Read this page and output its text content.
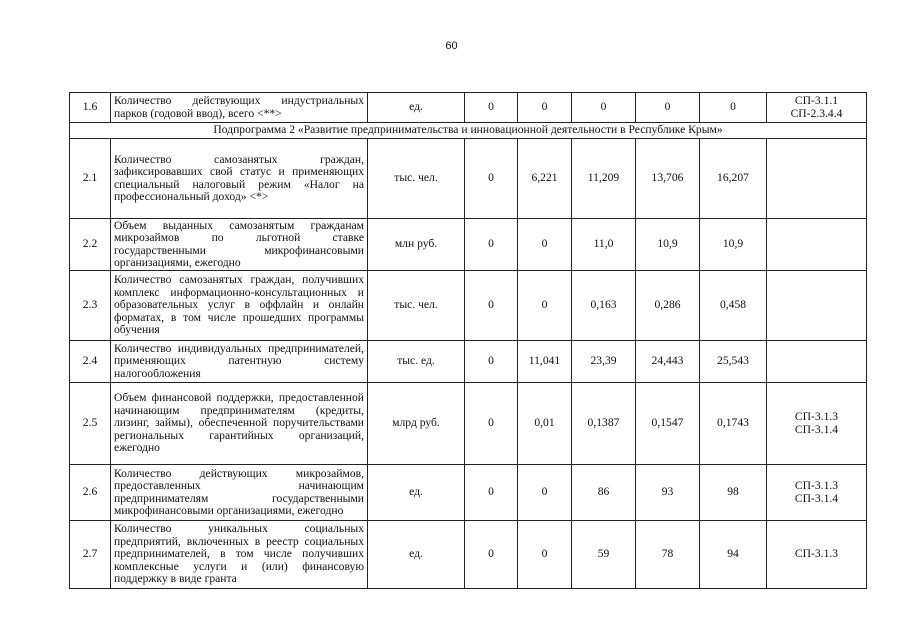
60
1.6	Количество действующих индустриальных парков (годовой ввод), всего <**>	ед.	0	0	0	0	0	СП-3.1.1
СП-2.3.4.4

Подпрограмма 2 «Развитие предпринимательства и инновационной деятельности в Республике Крым»								
2.1	Количество самозанятых граждан, зафиксировавших свой статус и применяющих специальный налоговый режим «Налог на профессиональный доход» <*>	тыс. чел.	0	6,221	11,209	13,706	16,207	
2.2	Объем выданных самозанятым гражданам микрозаймов по льготной ставке государственными микрофинансовыми организациями, ежегодно	млн руб.	0	0	11,0	10,9	10,9	
2.3	Количество самозанятых граждан, получивших комплекс информационно-консультационных и образовательных услуг в оффлайн и онлайн форматах, в том числе прошедших программы обучения	тыс. чел.	0	0	0,163	0,286	0,458	
2.4	Количество индивидуальных предпринимателей, применяющих патентную систему налогообложения	тыс. ед.	0	11,041	23,39	24,443	25,543	
2.5	Объем финансовой поддержки, предоставленной начинающим предпринимателям (кредиты, лизинг, займы), обеспеченной поручительствами региональных гарантийных организаций, ежегодно	млрд руб.	0	0,01	0,1387	0,1547	0,1743	СП-3.1.3
СП-3.1.4

2.6	Количество действующих микрозаймов, предоставленных начинающим предпринимателям государственными микрофинансовыми организациями, ежегодно	ед.	0	0	86	93	98	СП-3.1.3
СП-3.1.4

2.7	Количество уникальных социальных предприятий, включенных в реестр социальных предпринимателей, в том числе получивших комплексные услуги и (или) финансовую поддержку в виде гранта	ед.	0	0	59	78	94	СП-3.1.3
